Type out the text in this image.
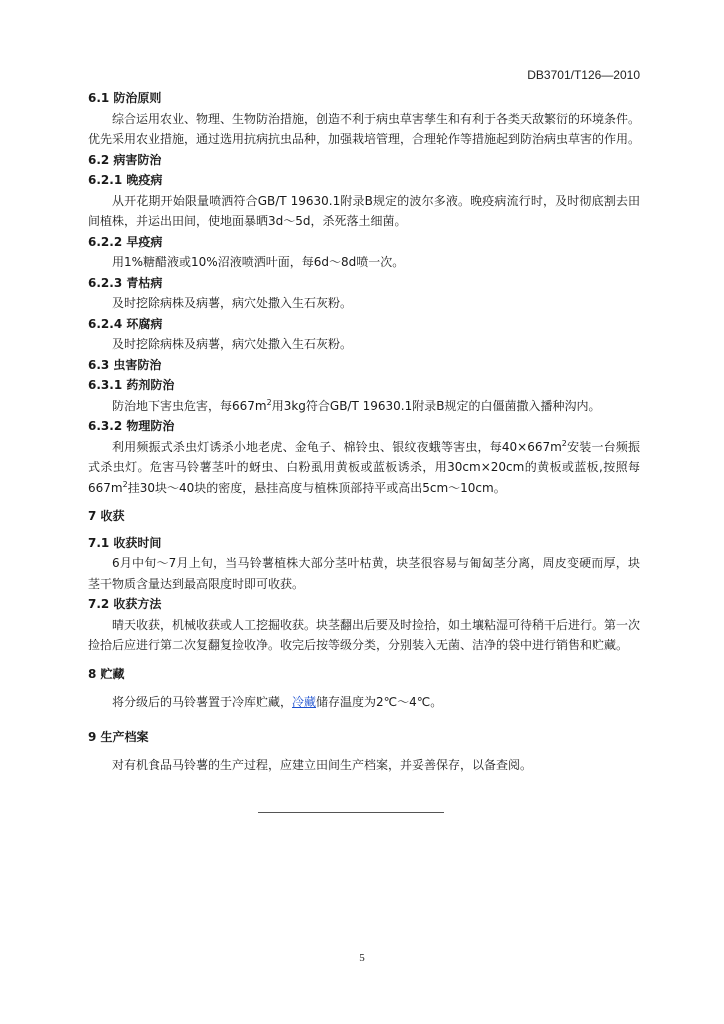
DB3701/T126—2010

6.1 防治原则

综合运用农业、物理、生物防治措施，创造不利于病虫草害孳生和有利于各类天敌繁衍的环境条件。优先采用农业措施，通过选用抗病抗虫品种，加强栽培管理，合理轮作等措施起到防治病虫草害的作用。

6.2 病害防治

6.2.1 晚疫病

从开花期开始限量喷洒符合GB/T 19630.1附录B规定的波尔多液。晚疫病流行时，及时彻底割去田间植株，并运出田间，使地面暴晒3d～5d，杀死落土细菌。

6.2.2 早疫病

用1%糖醋液或10%沼液喷洒叶面，每6d～8d喷一次。

6.2.3 青枯病

及时挖除病株及病薯，病穴处撒入生石灰粉。

6.2.4 环腐病

及时挖除病株及病薯，病穴处撒入生石灰粉。

6.3 虫害防治

6.3.1 药剂防治

防治地下害虫危害，每$667m^2$用3kg符合GB/T 19630.1附录B规定的白僵菌撒入播种沟内。

6.3.2 物理防治

利用频振式杀虫灯诱杀小地老虎、金龟子、棉铃虫、银纹夜蛾等害虫，每$40\times 667m^2$安装一台频振式杀虫灯。危害马铃薯茎叶的蚜虫、白粉虱用黄板或蓝板诱杀，用30cm×20cm的黄板或蓝板,按照每$667m^2$挂30块～40块的密度，悬挂高度与植株顶部持平或高出5cm～10cm。

7 收获

7.1 收获时间

6月中旬～7月上旬，当马铃薯植株大部分茎叶枯黄，块茎很容易与匍匐茎分离，周皮变硬而厚，块茎干物质含量达到最高限度时即可收获。

7.2 收获方法

晴天收获，机械收获或人工挖掘收获。块茎翻出后要及时捡拾，如土壤粘湿可待稍干后进行。第一次捡拾后应进行第二次复翻复捡收净。收完后按等级分类，分别装入无菌、洁净的袋中进行销售和贮藏。

8 贮藏

将分级后的马铃薯置于冷库贮藏，冷藏储存温度为2℃～4℃。

9 生产档案

对有机食品马铃薯的生产过程，应建立田间生产档案，并妥善保存，以备查阅。

5
